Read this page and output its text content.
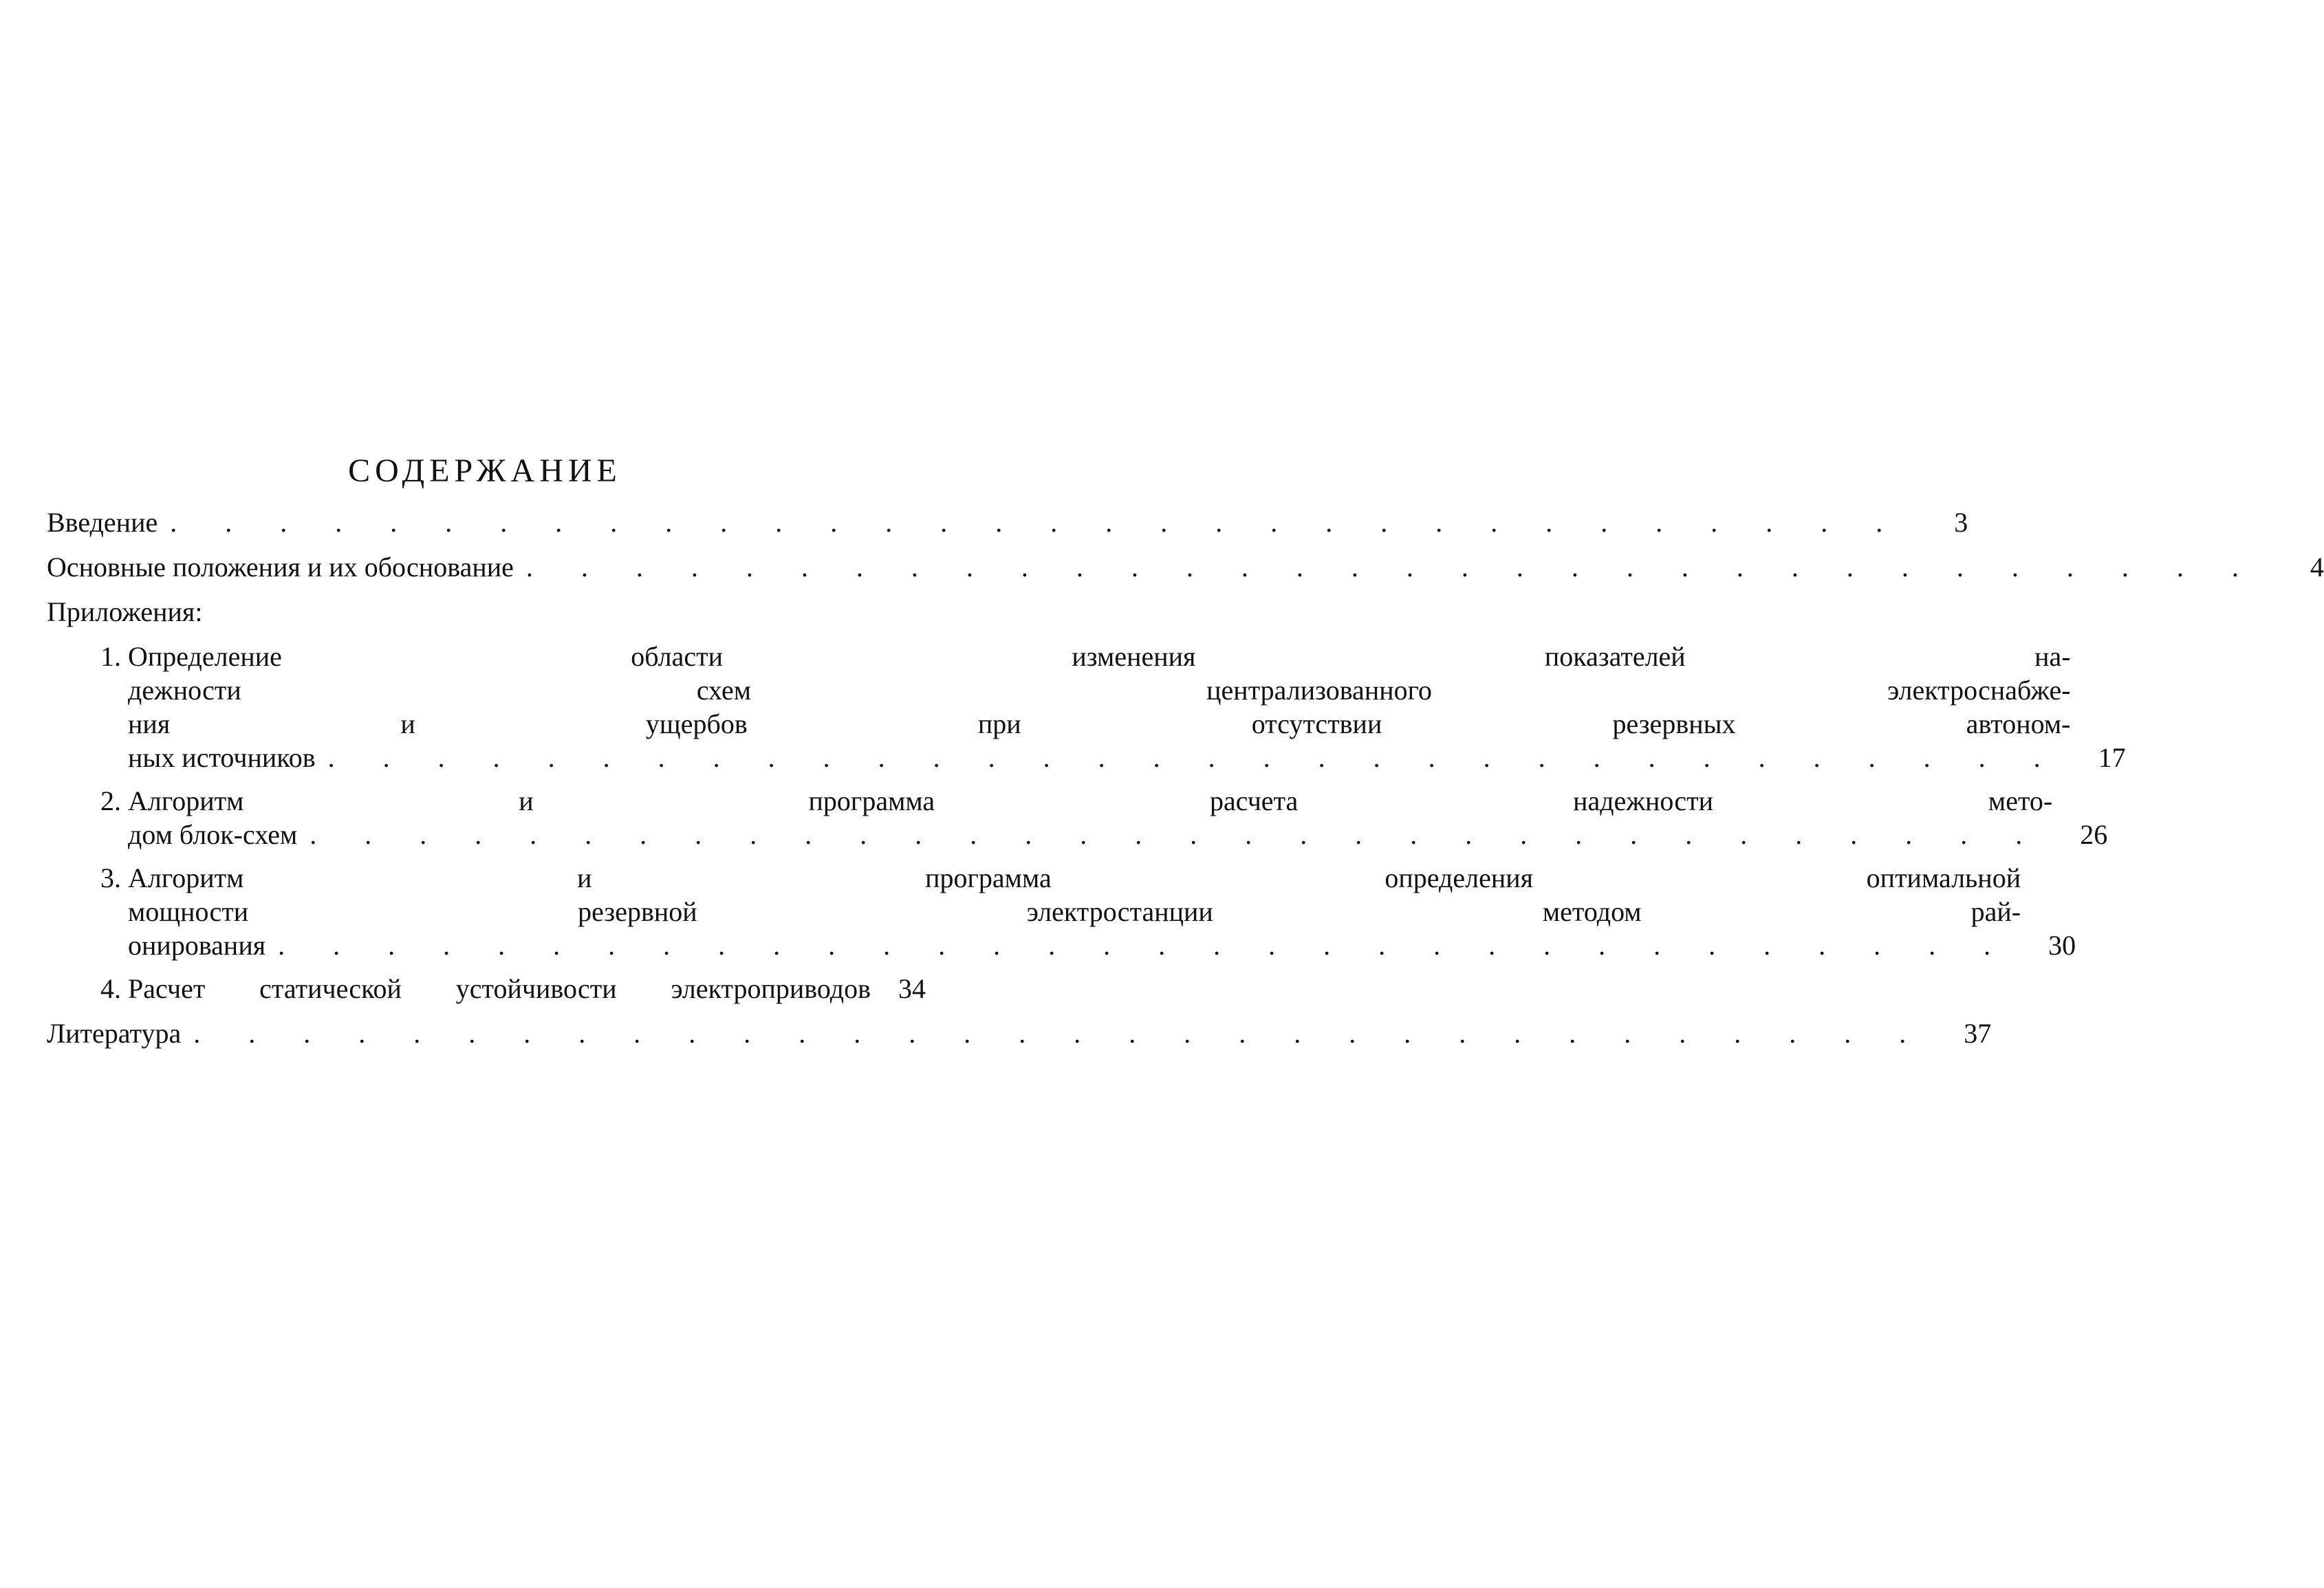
СОДЕРЖАНИЕ
Введение . . .	3
Основные положения и их обоснование . . .	4
Приложения:
1. Определение	области	изменения	показателей	на-
дежности	схем	централизованного	электроснабже-
ния	и	ущербов	при	отсутствии	резервных	автоном-
ных источников . . .	17
2. Алгоритм	и	программа	расчета	надежности	мето-
дом блок-схем . . .	26
3. Алгоритм	и	программа	определения	оптимальной
мощности	резервной	электростанции	методом	рай-
онирования . . .	30
4. Расчет статической устойчивости электроприводов	34
Литература . . .	37
